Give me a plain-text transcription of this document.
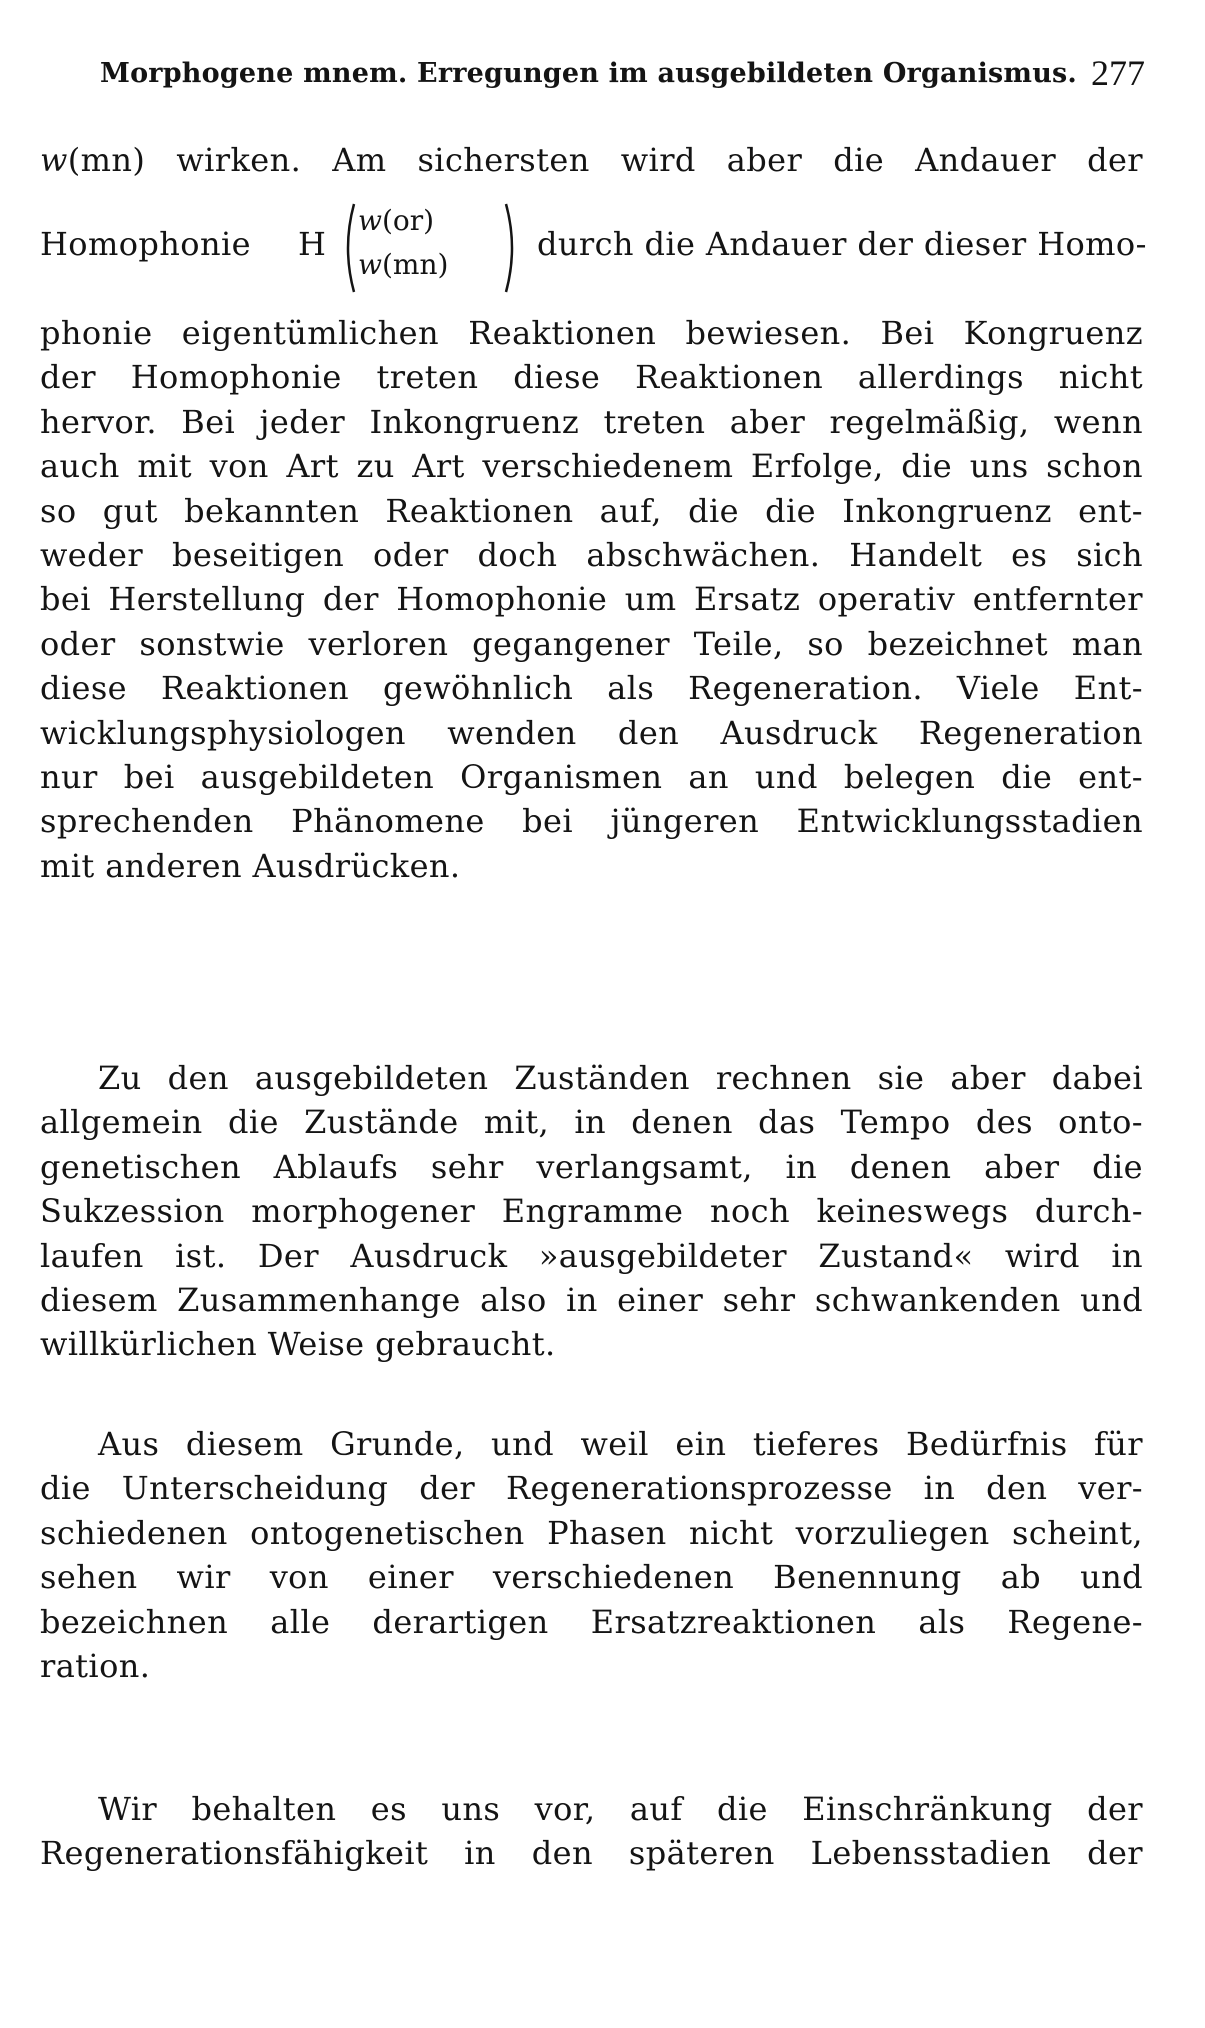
Morphogene mnem. Erregungen im ausgebildeten Organismus. 277
w(mn) wirken. Am sichersten wird aber die Andauer der
Homophonie H
w(or)
w(mn)
durch die Andauer der dieser Homo-
phonie eigentümlichen Reaktionen bewiesen. Bei Kongruenz
der Homophonie treten diese Reaktionen allerdings nicht
hervor. Bei jeder Inkongruenz treten aber regelmäßig, wenn
auch mit von Art zu Art verschiedenem Erfolge, die uns schon
so gut bekannten Reaktionen auf, die die Inkongruenz ent-
weder beseitigen oder doch abschwächen. Handelt es sich
bei Herstellung der Homophonie um Ersatz operativ entfernter
oder sonstwie verloren gegangener Teile, so bezeichnet man
diese Reaktionen gewöhnlich als Regeneration. Viele Ent-
wicklungsphysiologen wenden den Ausdruck Regeneration
nur bei ausgebildeten Organismen an und belegen die ent-
sprechenden Phänomene bei jüngeren Entwicklungsstadien
mit anderen Ausdrücken.
Zu den ausgebildeten Zuständen rechnen sie aber dabei
allgemein die Zustände mit, in denen das Tempo des onto-
genetischen Ablaufs sehr verlangsamt, in denen aber die
Sukzession morphogener Engramme noch keineswegs durch-
laufen ist. Der Ausdruck »ausgebildeter Zustand« wird in
diesem Zusammenhange also in einer sehr schwankenden und
willkürlichen Weise gebraucht.
Aus diesem Grunde, und weil ein tieferes Bedürfnis für
die Unterscheidung der Regenerationsprozesse in den ver-
schiedenen ontogenetischen Phasen nicht vorzuliegen scheint,
sehen wir von einer verschiedenen Benennung ab und
bezeichnen alle derartigen Ersatzreaktionen als Regene-
ration.
Wir behalten es uns vor, auf die Einschränkung der
Regenerationsfähigkeit in den späteren Lebensstadien der
